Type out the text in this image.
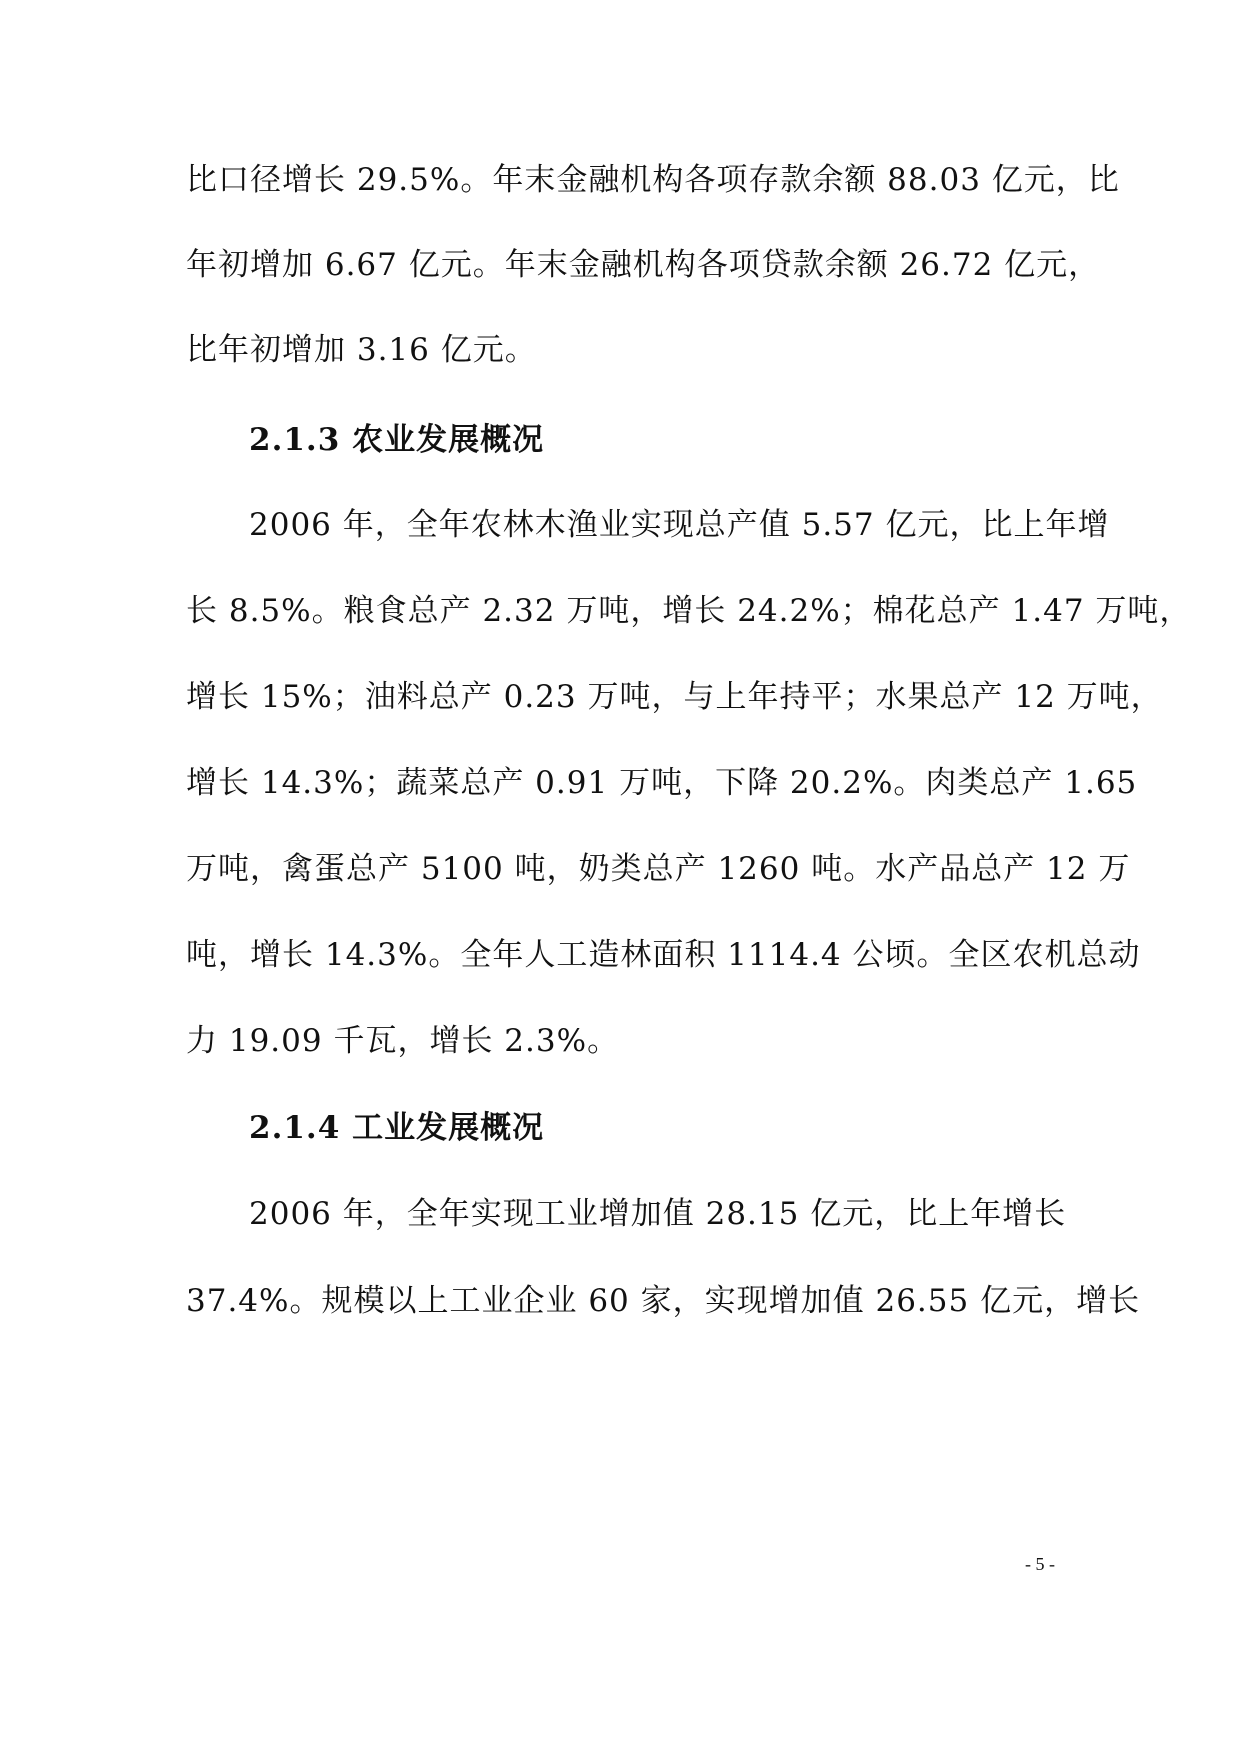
比口径增长 29.5%。年末金融机构各项存款余额 88.03 亿元，比
年初增加 6.67 亿元。年末金融机构各项贷款余额 26.72 亿元，
比年初增加 3.16 亿元。
2.1.3 农业发展概况
2006 年，全年农林木渔业实现总产值 5.57 亿元，比上年增
长 8.5%。粮食总产 2.32 万吨，增长 24.2%；棉花总产 1.47 万吨，
增长 15%；油料总产 0.23 万吨，与上年持平；水果总产 12 万吨，
增长 14.3%；蔬菜总产 0.91 万吨，下降 20.2%。肉类总产 1.65
万吨，禽蛋总产 5100 吨，奶类总产 1260 吨。水产品总产 12 万
吨，增长 14.3%。全年人工造林面积 1114.4 公顷。全区农机总动
力 19.09 千瓦，增长 2.3%。
2.1.4 工业发展概况
2006 年，全年实现工业增加值 28.15 亿元，比上年增长
37.4%。规模以上工业企业 60 家，实现增加值 26.55 亿元，增长
- 5 -
